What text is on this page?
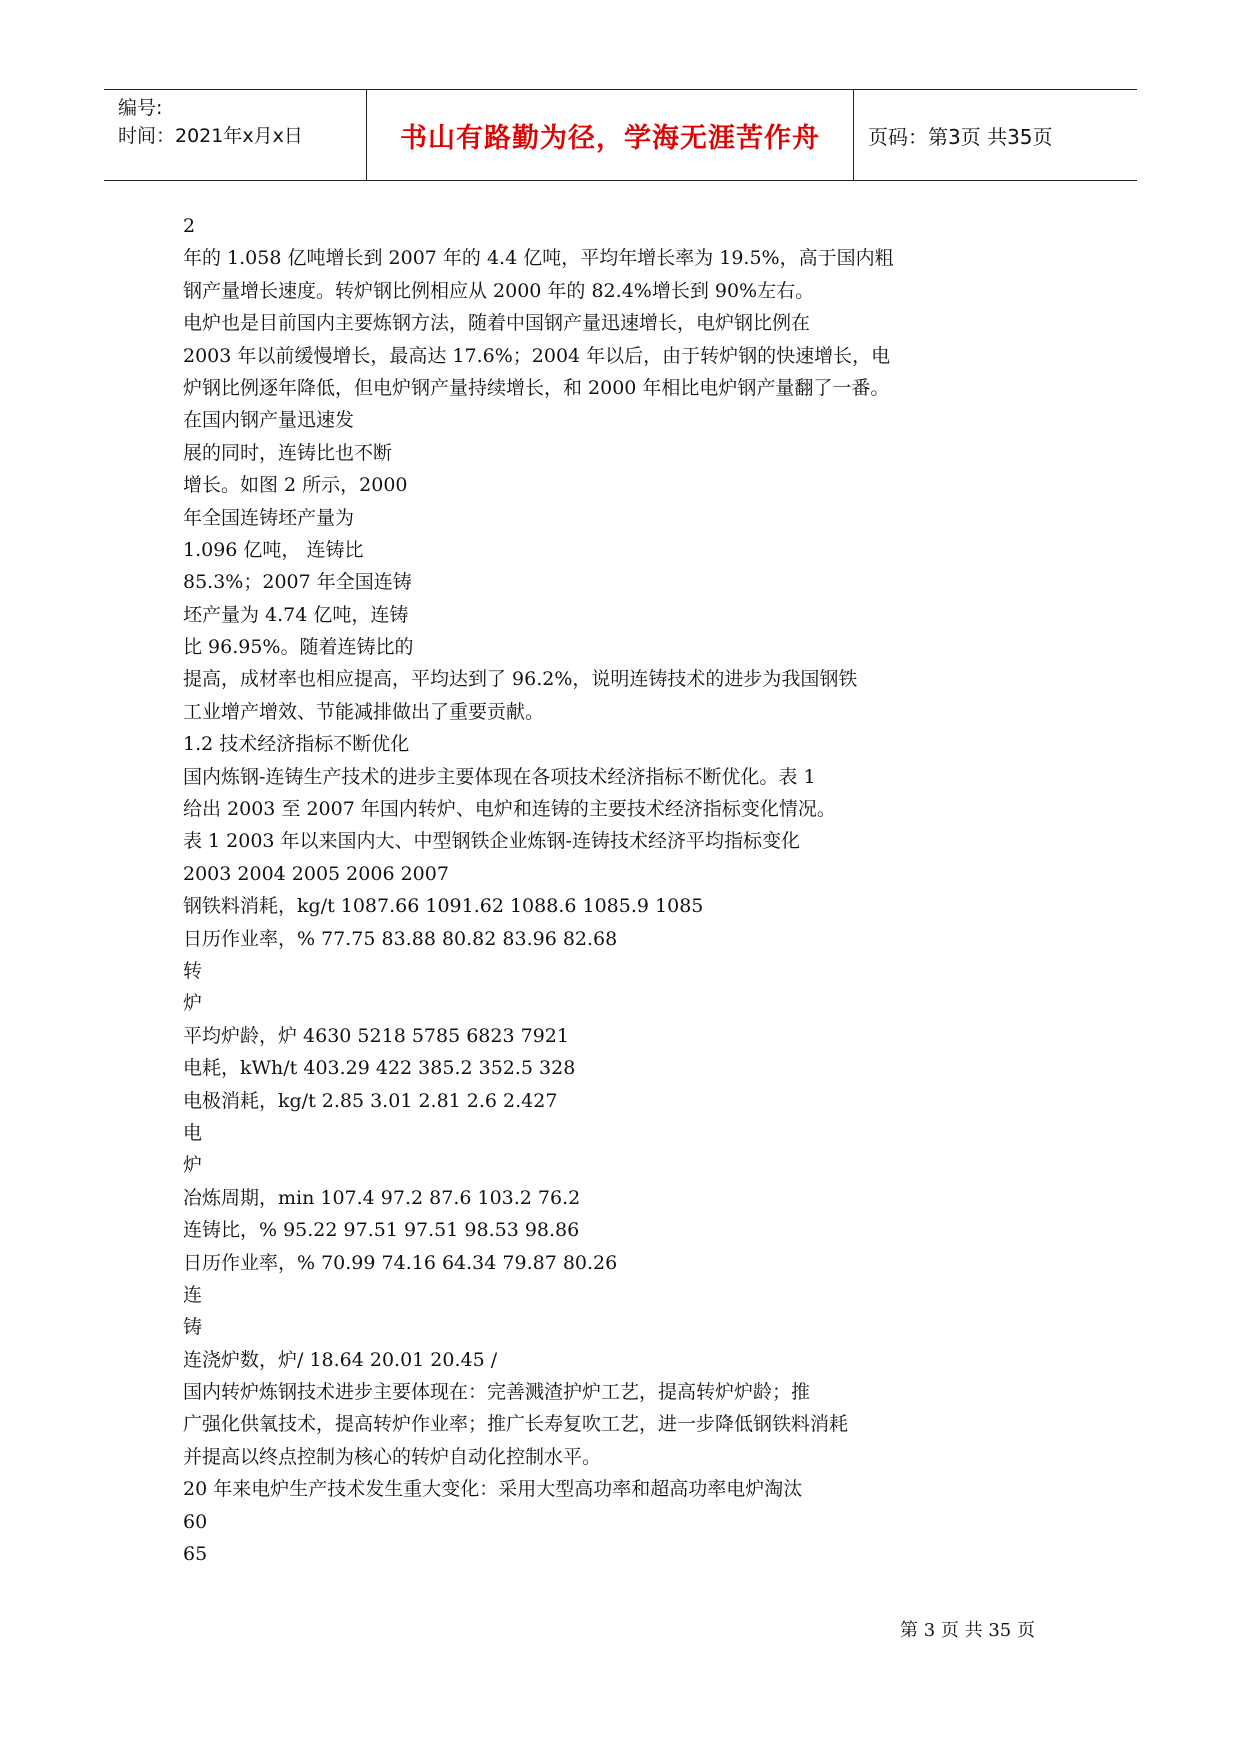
编号:
时间：2021年x月x日	书山有路勤为径，学海无涯苦作舟	页码：第3页 共35页
2
年的 1.058 亿吨增长到 2007 年的 4.4 亿吨，平均年增长率为 19.5%，高于国内粗
钢产量增长速度。转炉钢比例相应从 2000 年的 82.4%增长到 90%左右。
电炉也是目前国内主要炼钢方法，随着中国钢产量迅速增长，电炉钢比例在
2003 年以前缓慢增长，最高达 17.6%；2004 年以后，由于转炉钢的快速增长，电
炉钢比例逐年降低，但电炉钢产量持续增长，和 2000 年相比电炉钢产量翻了一番。
在国内钢产量迅速发
展的同时，连铸比也不断
增长。如图 2 所示，2000
年全国连铸坯产量为
1.096 亿吨， 连铸比
85.3%；2007 年全国连铸
坯产量为 4.74 亿吨，连铸
比 96.95%。随着连铸比的
提高，成材率也相应提高，平均达到了 96.2%，说明连铸技术的进步为我国钢铁
工业增产增效、节能减排做出了重要贡献。
1.2 技术经济指标不断优化
国内炼钢-连铸生产技术的进步主要体现在各项技术经济指标不断优化。表 1
给出 2003 至 2007 年国内转炉、电炉和连铸的主要技术经济指标变化情况。
表 1 2003 年以来国内大、中型钢铁企业炼钢-连铸技术经济平均指标变化
2003 2004 2005 2006 2007
钢铁料消耗，kg/t 1087.66 1091.62 1088.6 1085.9 1085
日历作业率，% 77.75 83.88 80.82 83.96 82.68
转
炉
平均炉龄，炉 4630 5218 5785 6823 7921
电耗，kWh/t 403.29 422 385.2 352.5 328
电极消耗，kg/t 2.85 3.01 2.81 2.6 2.427
电
炉
冶炼周期，min 107.4 97.2 87.6 103.2 76.2
连铸比，% 95.22 97.51 97.51 98.53 98.86
日历作业率，% 70.99 74.16 64.34 79.87 80.26
连
铸
连浇炉数，炉/ 18.64 20.01 20.45 /
国内转炉炼钢技术进步主要体现在：完善溅渣护炉工艺，提高转炉炉龄；推
广强化供氧技术，提高转炉作业率；推广长寿复吹工艺，进一步降低钢铁料消耗
并提高以终点控制为核心的转炉自动化控制水平。
20 年来电炉生产技术发生重大变化：采用大型高功率和超高功率电炉淘汰
60
65
第 3 页 共 35 页
